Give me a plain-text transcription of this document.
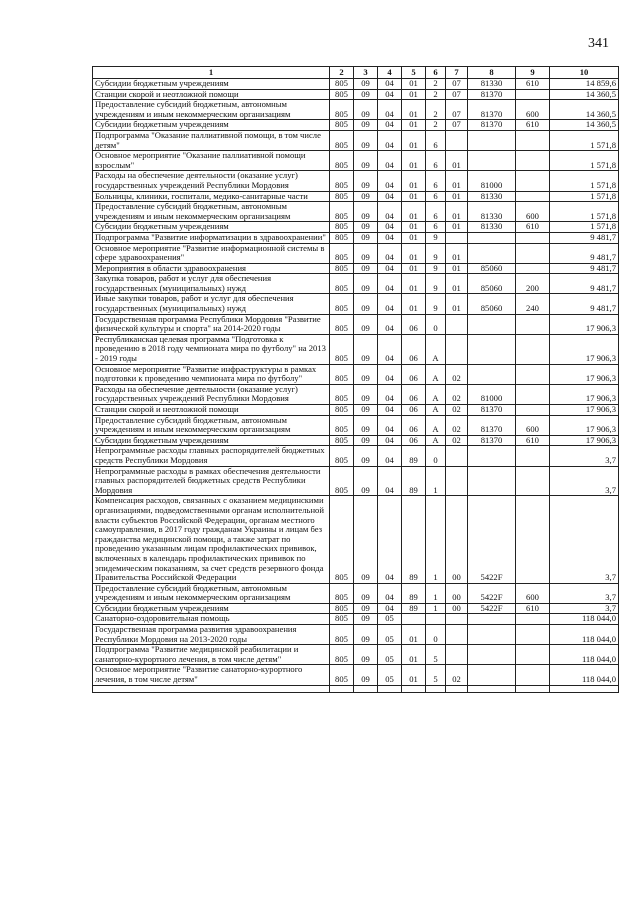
341
1	2	3	4	5	6	7	8	9	10
Субсидии бюджетным учреждениям	805	09	04	01	2	07	81330	610	14 859,6
Станции скорой и неотложной помощи	805	09	04	01	2	07	81370		14 360,5
Предоставление субсидий бюджетным, автономным учреждениям и иным некоммерческим организациям	805	09	04	01	2	07	81370	600	14 360,5
Субсидии бюджетным учреждениям	805	09	04	01	2	07	81370	610	14 360,5
Подпрограмма "Оказание паллиативной помощи, в том числе детям"	805	09	04	01	6				1 571,8
Основное мероприятие "Оказание паллиативной помощи взрослым"	805	09	04	01	6	01			1 571,8
Расходы на обеспечение деятельности (оказание услуг) государственных учреждений Республики Мордовия	805	09	04	01	6	01	81000		1 571,8
Больницы, клиники, госпитали, медико-санитарные части	805	09	04	01	6	01	81330		1 571,8
Предоставление субсидий бюджетным, автономным учреждениям и иным некоммерческим организациям	805	09	04	01	6	01	81330	600	1 571,8
Субсидии бюджетным учреждениям	805	09	04	01	6	01	81330	610	1 571,8
Подпрограмма "Развитие информатизации в здравоохранении"	805	09	04	01	9				9 481,7
Основное мероприятие "Развитие информационной системы в сфере здравоохранения"	805	09	04	01	9	01			9 481,7
Мероприятия в области здравоохранения	805	09	04	01	9	01	85060		9 481,7
Закупка товаров, работ и услуг для обеспечения государственных (муниципальных) нужд	805	09	04	01	9	01	85060	200	9 481,7
Иные закупки товаров, работ и услуг для обеспечения государственных (муниципальных) нужд	805	09	04	01	9	01	85060	240	9 481,7
Государственная программа Республики Мордовия "Развитие физической культуры и спорта" на 2014-2020 годы	805	09	04	06	0				17 906,3
Республиканская целевая программа "Подготовка к проведению в 2018 году чемпионата мира по футболу" на 2013 - 2019 годы	805	09	04	06	А				17 906,3
Основное мероприятие "Развитие инфраструктуры в рамках подготовки к проведению чемпионата мира по футболу"	805	09	04	06	А	02			17 906,3
Расходы на обеспечение деятельности (оказание услуг) государственных учреждений Республики Мордовия	805	09	04	06	А	02	81000		17 906,3
Станции скорой и неотложной помощи	805	09	04	06	А	02	81370		17 906,3
Предоставление субсидий бюджетным, автономным учреждениям и иным некоммерческим организациям	805	09	04	06	А	02	81370	600	17 906,3
Субсидии бюджетным учреждениям	805	09	04	06	А	02	81370	610	17 906,3
Непрограммные расходы главных распорядителей бюджетных средств Республики Мордовия	805	09	04	89	0				3,7
Непрограммные расходы в рамках обеспечения деятельности главных распорядителей бюджетных средств Республики Мордовия	805	09	04	89	1				3,7
Компенсация расходов, связанных с оказанием медицинскими организациями, подведомственными органам исполнительной власти субъектов Российской Федерации, органам местного самоуправления, в 2017 году гражданам Украины и лицам без гражданства медицинской помощи, а также затрат по проведению указанным лицам профилактических прививок, включенных в календарь профилактических прививок по эпидемическим показаниям, за счет средств резервного фонда Правительства Российской Федерации	805	09	04	89	1	00	5422F		3,7
Предоставление субсидий бюджетным, автономным учреждениям и иным некоммерческим организациям	805	09	04	89	1	00	5422F	600	3,7
Субсидии бюджетным учреждениям	805	09	04	89	1	00	5422F	610	3,7
Санаторно-оздоровительная помощь	805	09	05						118 044,0
Государственная программа развития здравоохранения Республики Мордовия на 2013-2020 годы	805	09	05	01	0				118 044,0
Подпрограмма "Развитие медицинской реабилитации и санаторно-курортного лечения, в том числе детям"	805	09	05	01	5				118 044,0
Основное мероприятие "Развитие санаторно-курортного лечения, в том числе детям"	805	09	05	01	5	02			118 044,0
